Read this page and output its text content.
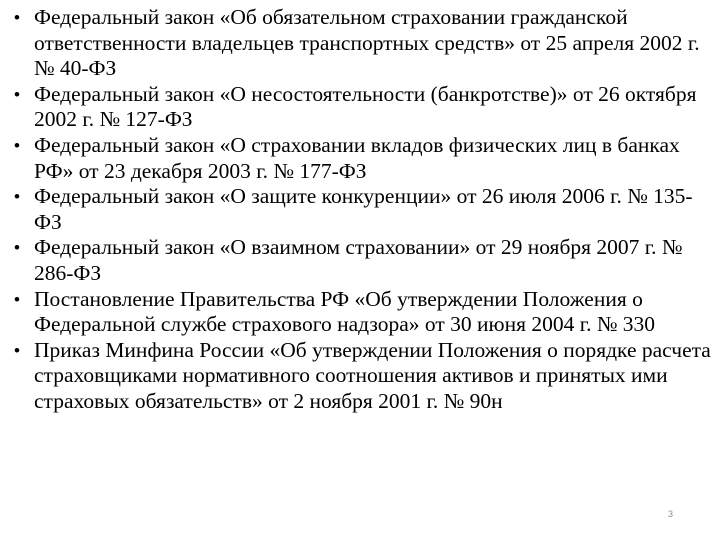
• Федеральный закон «Об обязательном страховании гражданской ответственности владельцев транспортных средств» от 25 апреля 2002 г. № 40-ФЗ
• Федеральный закон «О несостоятельности (банкротстве)» от 26 октября 2002 г. № 127-ФЗ
• Федеральный закон «О страховании вкладов физических лиц в банках РФ» от 23 декабря 2003 г. № 177-ФЗ
• Федеральный закон «О защите конкуренции» от 26 июля 2006 г. № 135-ФЗ
• Федеральный закон «О взаимном страховании» от 29 ноября 2007 г. № 286-ФЗ
• Постановление Правительства РФ «Об утверждении Положения о Федеральной службе страхового надзора» от 30 июня 2004 г. № 330
• Приказ Минфина России «Об утверждении Положения о порядке расчета страховщиками нормативного соотношения активов и принятых ими страховых обязательств» от 2 ноября 2001 г. № 90н
3
